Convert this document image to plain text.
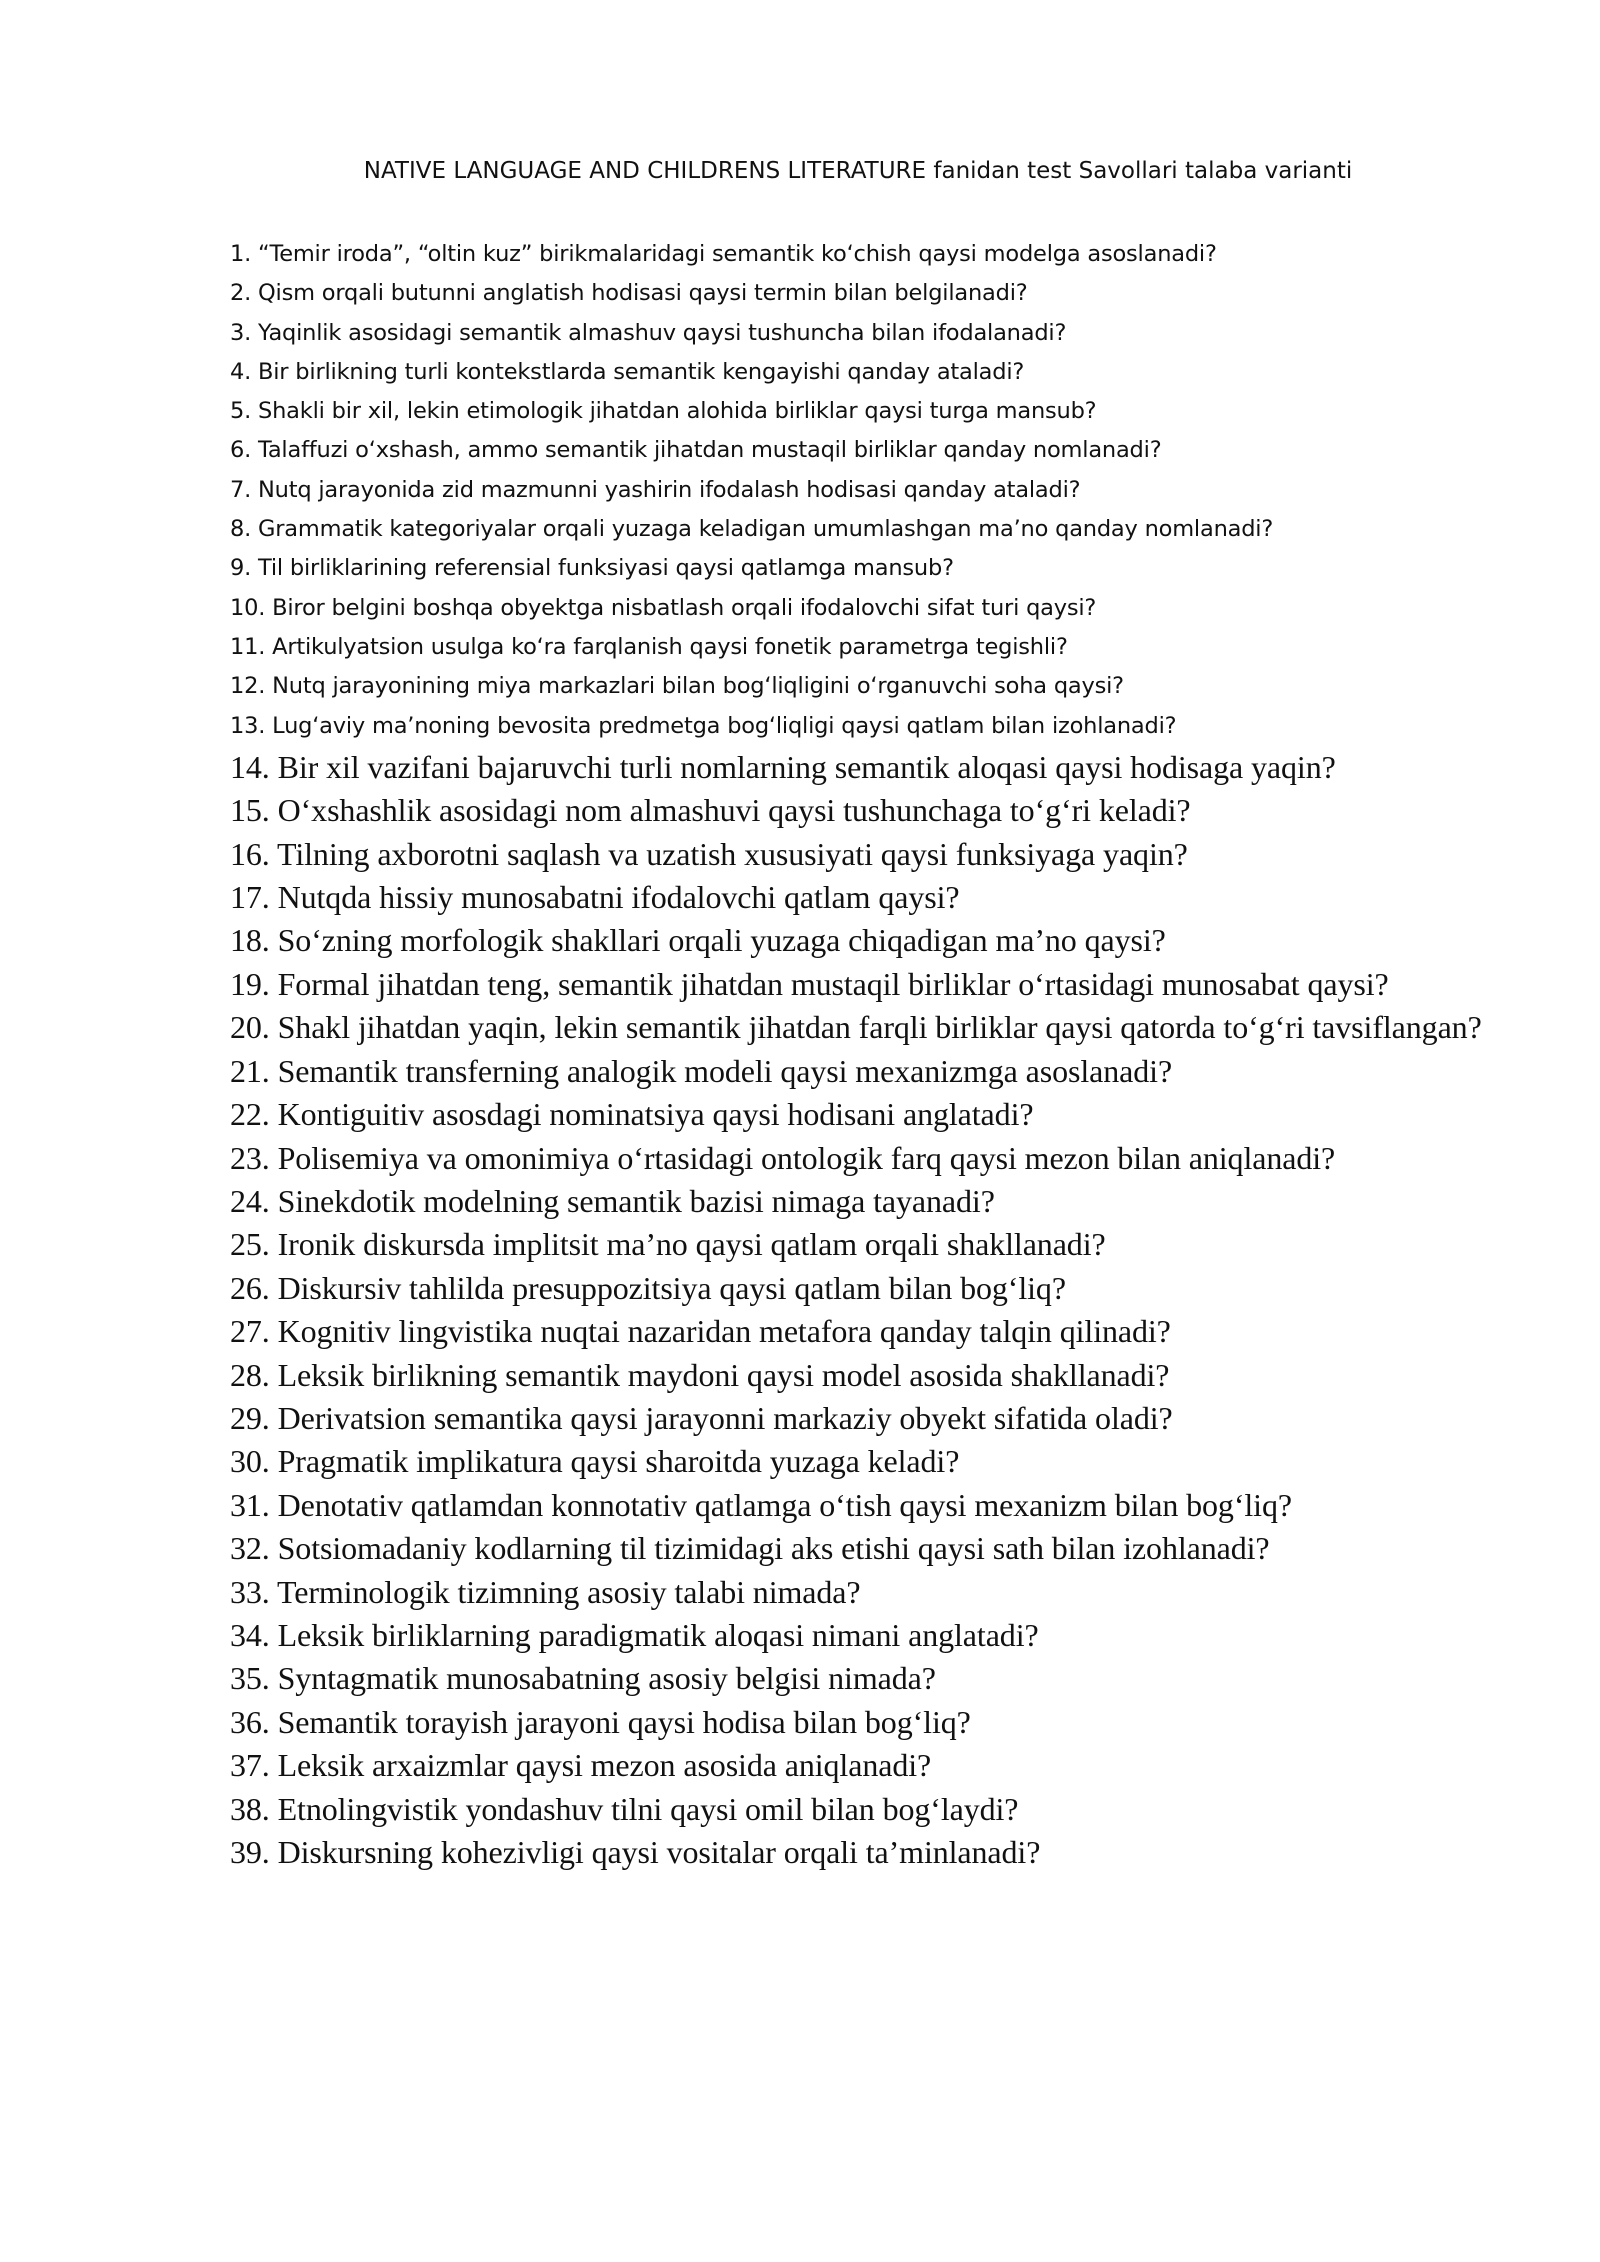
NATIVE LANGUAGE AND CHILDRENS LITERATURE fanidan test Savollari talaba varianti
1. “Temir iroda”, “oltin kuz” birikmalaridagi semantik ko‘chish qaysi modelga asoslanadi?
2. Qism orqali butunni anglatish hodisasi qaysi termin bilan belgilanadi?
3. Yaqinlik asosidagi semantik almashuv qaysi tushuncha bilan ifodalanadi?
4. Bir birlikning turli kontekstlarda semantik kengayishi qanday ataladi?
5. Shakli bir xil, lekin etimologik jihatdan alohida birliklar qaysi turga mansub?
6. Talaffuzi o‘xshash, ammo semantik jihatdan mustaqil birliklar qanday nomlanadi?
7. Nutq jarayonida zid mazmunni yashirin ifodalash hodisasi qanday ataladi?
8. Grammatik kategoriyalar orqali yuzaga keladigan umumlashgan ma’no qanday nomlanadi?
9. Til birliklarining referensial funksiyasi qaysi qatlamga mansub?
10. Biror belgini boshqa obyektga nisbatlash orqali ifodalovchi sifat turi qaysi?
11. Artikulyatsion usulga ko‘ra farqlanish qaysi fonetik parametrga tegishli?
12. Nutq jarayonining miya markazlari bilan bog‘liqligini o‘rganuvchi soha qaysi?
13. Lug‘aviy ma’noning bevosita predmetga bog‘liqligi qaysi qatlam bilan izohlanadi?
14. Bir xil vazifani bajaruvchi turli nomlarning semantik aloqasi qaysi hodisaga yaqin?
15. O‘xshashlik asosidagi nom almashuvi qaysi tushunchaga to‘g‘ri keladi?
16. Tilning axborotni saqlash va uzatish xususiyati qaysi funksiyaga yaqin?
17. Nutqda hissiy munosabatni ifodalovchi qatlam qaysi?
18. So‘zning morfologik shakllari orqali yuzaga chiqadigan ma’no qaysi?
19. Formal jihatdan teng, semantik jihatdan mustaqil birliklar o‘rtasidagi munosabat qaysi?
20. Shakl jihatdan yaqin, lekin semantik jihatdan farqli birliklar qaysi qatorda to‘g‘ri tavsiflangan?
21. Semantik transferning analogik modeli qaysi mexanizmga asoslanadi?
22. Kontiguitiv asosdagi nominatsiya qaysi hodisani anglatadi?
23. Polisemiya va omonimiya o‘rtasidagi ontologik farq qaysi mezon bilan aniqlanadi?
24. Sinekdotik modelning semantik bazisi nimaga tayanadi?
25. Ironik diskursda implitsit ma’no qaysi qatlam orqali shakllanadi?
26. Diskursiv tahlilda presuppozitsiya qaysi qatlam bilan bog‘liq?
27. Kognitiv lingvistika nuqtai nazaridan metafora qanday talqin qilinadi?
28. Leksik birlikning semantik maydoni qaysi model asosida shakllanadi?
29. Derivatsion semantika qaysi jarayonni markaziy obyekt sifatida oladi?
30. Pragmatik implikatura qaysi sharoitda yuzaga keladi?
31. Denotativ qatlamdan konnotativ qatlamga o‘tish qaysi mexanizm bilan bog‘liq?
32. Sotsiomadaniy kodlarning til tizimidagi aks etishi qaysi sath bilan izohlanadi?
33. Terminologik tizimning asosiy talabi nimada?
34. Leksik birliklarning paradigmatik aloqasi nimani anglatadi?
35. Syntagmatik munosabatning asosiy belgisi nimada?
36. Semantik torayish jarayoni qaysi hodisa bilan bog‘liq?
37. Leksik arxaizmlar qaysi mezon asosida aniqlanadi?
38. Etnolingvistik yondashuv tilni qaysi omil bilan bog‘laydi?
39. Diskursning kohezivligi qaysi vositalar orqali ta’minlanadi?
